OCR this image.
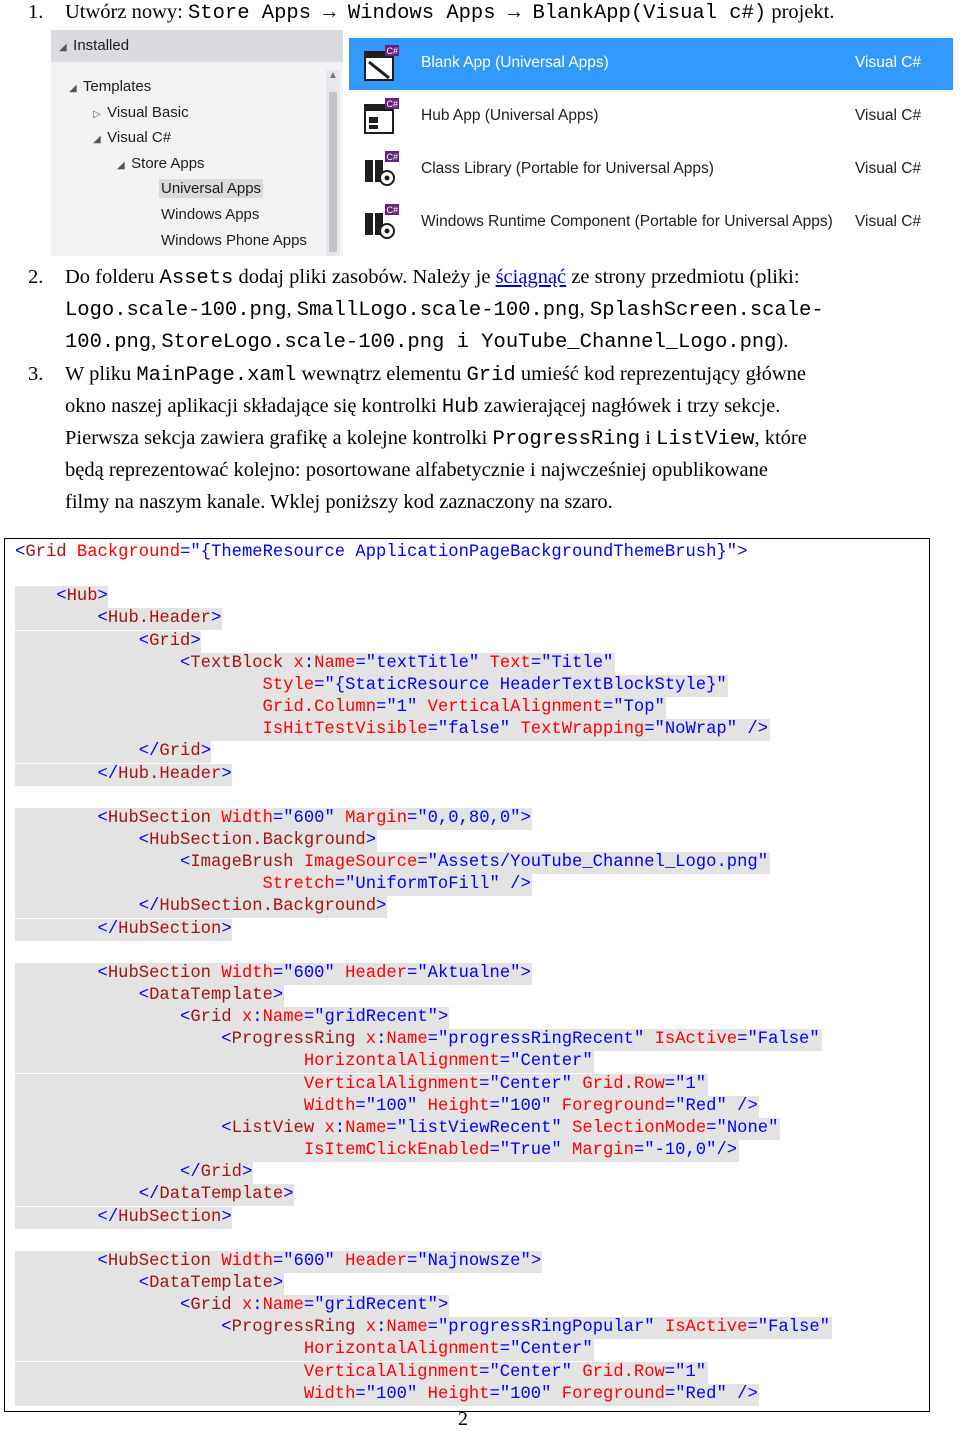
1.	Utwórz nowy: Store Apps → Windows Apps → BlankApp(Visual c#) projekt.
◢ Installed
◢ Templates
▷ Visual Basic
◢ Visual C#
◢ Store Apps
Universal Apps
Windows Apps
Windows Phone Apps
▲
C#
Blank App (Universal Apps)	Visual C#
C#
Hub App (Universal Apps)	Visual C#
C#
Class Library (Portable for Universal Apps)	Visual C#
C#
Windows Runtime Component (Portable for Universal Apps) Visual C#
2.	Do folderu Assets dodaj pliki zasobów. Należy je ściągnąć ze strony przedmiotu (pliki:
Logo.scale-100.png, SmallLogo.scale-100.png, SplashScreen.scale-
100.png, StoreLogo.scale-100.png i YouTube_Channel_Logo.png).
3.	W pliku MainPage.xaml wewnątrz elementu Grid umieść kod reprezentujący główne
okno naszej aplikacji składające się kontrolki Hub zawierającej nagłówek i trzy sekcje.
Pierwsza sekcja zawiera grafikę a kolejne kontrolki ProgressRing i ListView, które
będą reprezentować kolejno: posortowane alfabetycznie i najwcześniej opublikowane
filmy na naszym kanale. Wklej poniższy kod zaznaczony na szaro.
<Grid Background="{ThemeResource ApplicationPageBackgroundThemeBrush}">
<Hub>
<Hub.Header>
<Grid>
<TextBlock x:Name="textTitle" Text="Title"
Style="{StaticResource HeaderTextBlockStyle}"
Grid.Column="1" VerticalAlignment="Top"
IsHitTestVisible="false" TextWrapping="NoWrap" />
</Grid>
</Hub.Header>
<HubSection Width="600" Margin="0,0,80,0">
<HubSection.Background>
<ImageBrush ImageSource="Assets/YouTube_Channel_Logo.png"
Stretch="UniformToFill" />
</HubSection.Background>
</HubSection>
<HubSection Width="600" Header="Aktualne">
<DataTemplate>
<Grid x:Name="gridRecent">
<ProgressRing x:Name="progressRingRecent" IsActive="False"
HorizontalAlignment="Center"
VerticalAlignment="Center" Grid.Row="1"
Width="100" Height="100" Foreground="Red" />
<ListView x:Name="listViewRecent" SelectionMode="None"
IsItemClickEnabled="True" Margin="-10,0"/>
</Grid>
</DataTemplate>
</HubSection>
<HubSection Width="600" Header="Najnowsze">
<DataTemplate>
<Grid x:Name="gridRecent">
<ProgressRing x:Name="progressRingPopular" IsActive="False"
HorizontalAlignment="Center"
VerticalAlignment="Center" Grid.Row="1"
Width="100" Height="100" Foreground="Red" />
2
